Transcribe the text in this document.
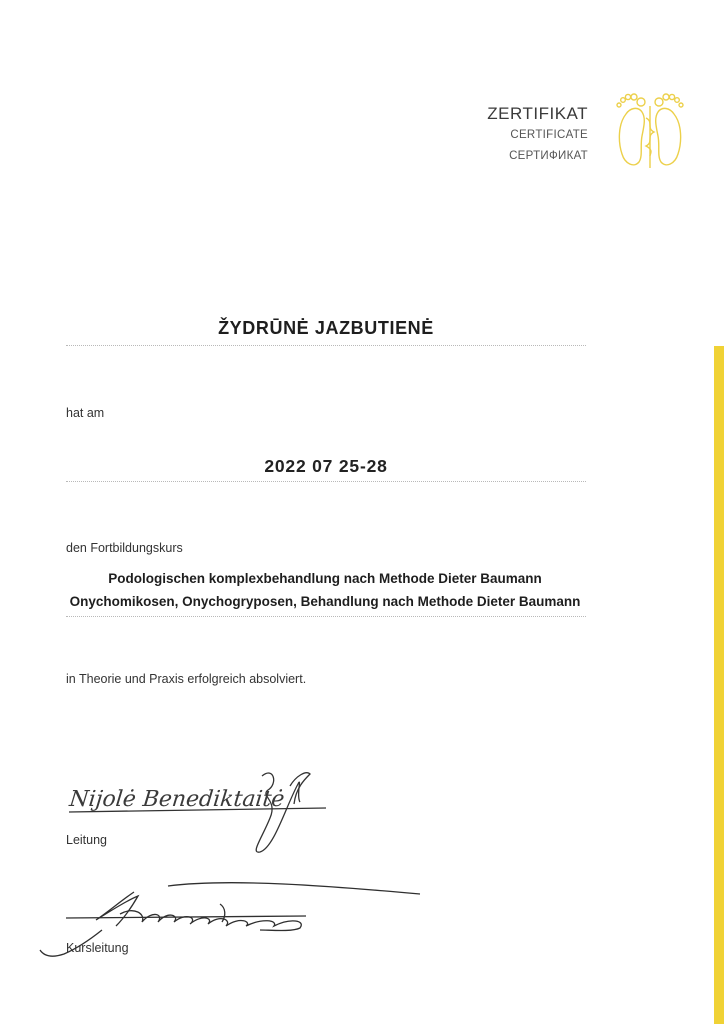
ZERTIFIKAT
CERTIFICATE
СЕРТИФИКАТ
ŽYDRŪNĖ JAZBUTIENĖ
hat am
2022 07 25-28
den Fortbildungskurs
Podologischen komplexbehandlung nach Methode Dieter Baumann
Onychomikosen, Onychogryposen, Behandlung nach Methode Dieter Baumann
in Theorie und Praxis erfolgreich absolviert.
Nijolė Benediktaitė
Leitung
Kursleitung
